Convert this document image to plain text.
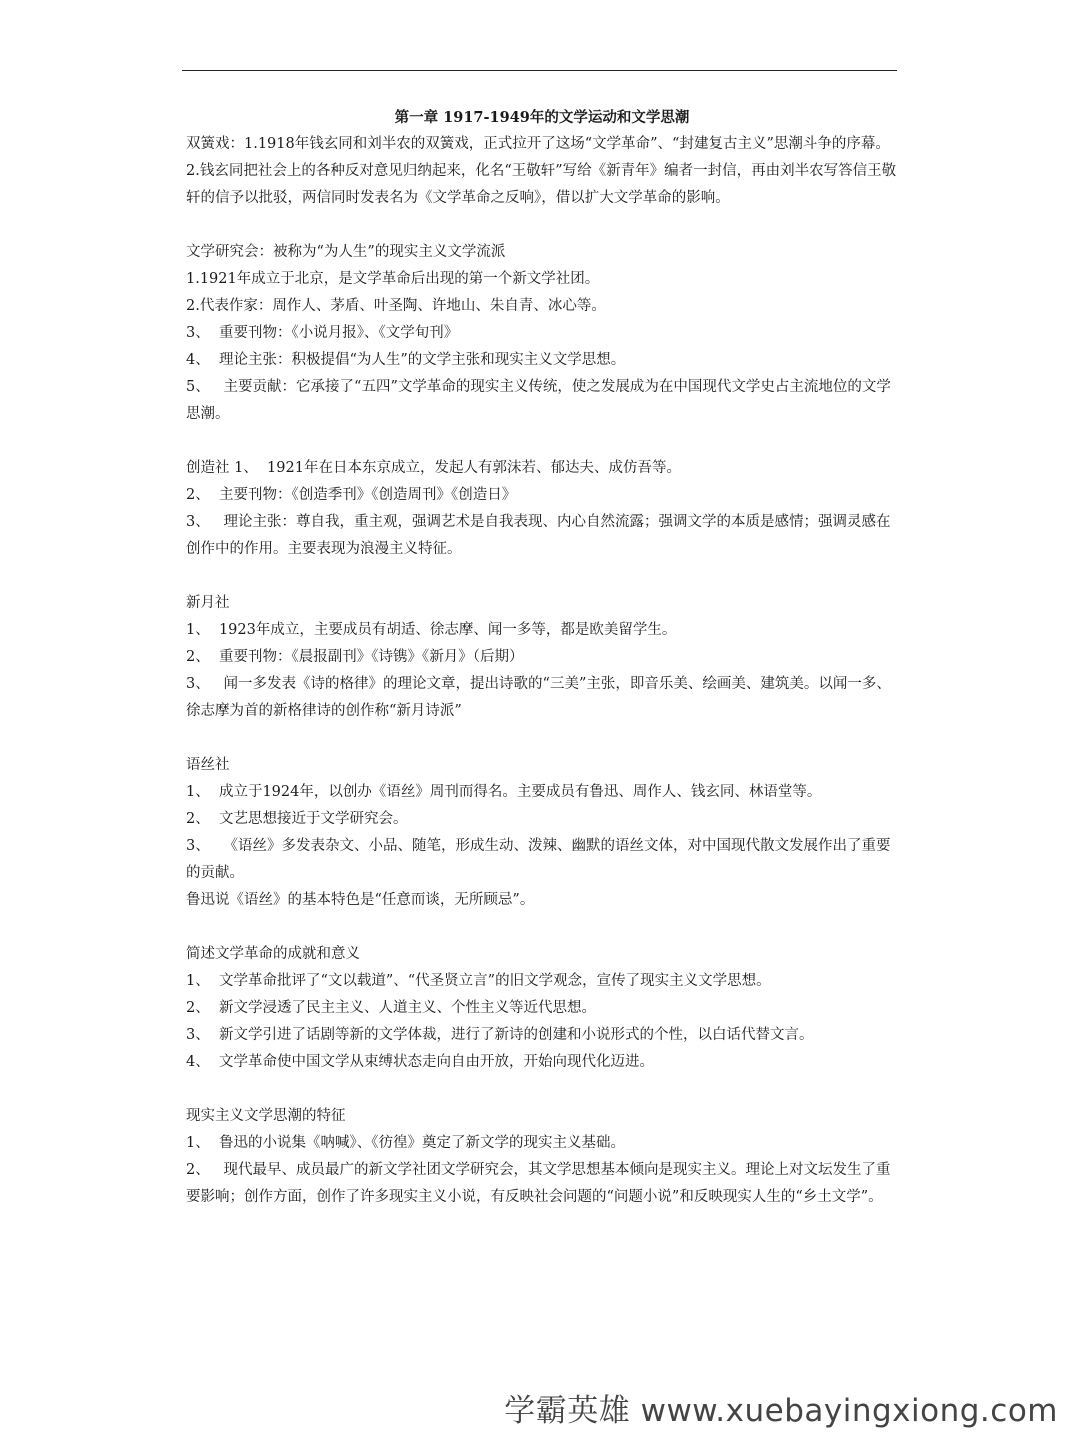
第一章 1917-1949年的文学运动和文学思潮

双簧戏：1.1918年钱玄同和刘半农的双簧戏，正式拉开了这场“文学革命”、“封建复古主义”思潮斗争的序幕。

2.钱玄同把社会上的各种反对意见归纳起来，化名“王敬轩”写给《新青年》编者一封信，再由刘半农写答信王敬轩的信予以批驳，两信同时发表名为《文学革命之反响》，借以扩大文学革命的影响。

文学研究会：被称为“为人生”的现实主义文学流派

1.1921年成立于北京，是文学革命后出现的第一个新文学社团。

2.代表作家：周作人、茅盾、叶圣陶、许地山、朱自青、冰心等。

3、  重要刊物：《小说月报》、《文学旬刊》

4、  理论主张：积极提倡“为人生”的文学主张和现实主义文学思想。

5、   主要贡献：它承接了“五四”文学革命的现实主义传统，使之发展成为在中国现代文学史占主流地位的文学思潮。

创造社 1、  1921年在日本东京成立，发起人有郭沫若、郁达夫、成仿吾等。

2、  主要刊物：《创造季刊》《创造周刊》《创造日》

3、   理论主张：尊自我，重主观，强调艺术是自我表现、内心自然流露；强调文学的本质是感情；强调灵感在创作中的作用。主要表现为浪漫主义特征。

新月社

1、  1923年成立，主要成员有胡适、徐志摩、闻一多等，都是欧美留学生。

2、  重要刊物：《晨报副刊》《诗镌》《新月》（后期）

3、   闻一多发表《诗的格律》的理论文章，提出诗歌的“三美”主张，即音乐美、绘画美、建筑美。以闻一多、徐志摩为首的新格律诗的创作称“新月诗派”

语丝社

1、  成立于1924年，以创办《语丝》周刊而得名。主要成员有鲁迅、周作人、钱玄同、林语堂等。

2、  文艺思想接近于文学研究会。

3、   《语丝》多发表杂文、小品、随笔，形成生动、泼辣、幽默的语丝文体，对中国现代散文发展作出了重要的贡献。

鲁迅说《语丝》的基本特色是“任意而谈，无所顾忌”。

简述文学革命的成就和意义

1、  文学革命批评了“文以载道”、“代圣贤立言”的旧文学观念，宣传了现实主义文学思想。

2、  新文学浸透了民主主义、人道主义、个性主义等近代思想。

3、  新文学引进了话剧等新的文学体裁，进行了新诗的创建和小说形式的个性，以白话代替文言。

4、  文学革命使中国文学从束缚状态走向自由开放，开始向现代化迈进。

现实主义文学思潮的特征

1、  鲁迅的小说集《呐喊》、《彷徨》奠定了新文学的现实主义基础。

2、   现代最早、成员最广的新文学社团文学研究会，其文学思想基本倾向是现实主义。理论上对文坛发生了重要影响；创作方面，创作了许多现实主义小说，有反映社会问题的“问题小说”和反映现实人生的“乡土文学”。

学霸英雄 www.xuebayingxiong.com
